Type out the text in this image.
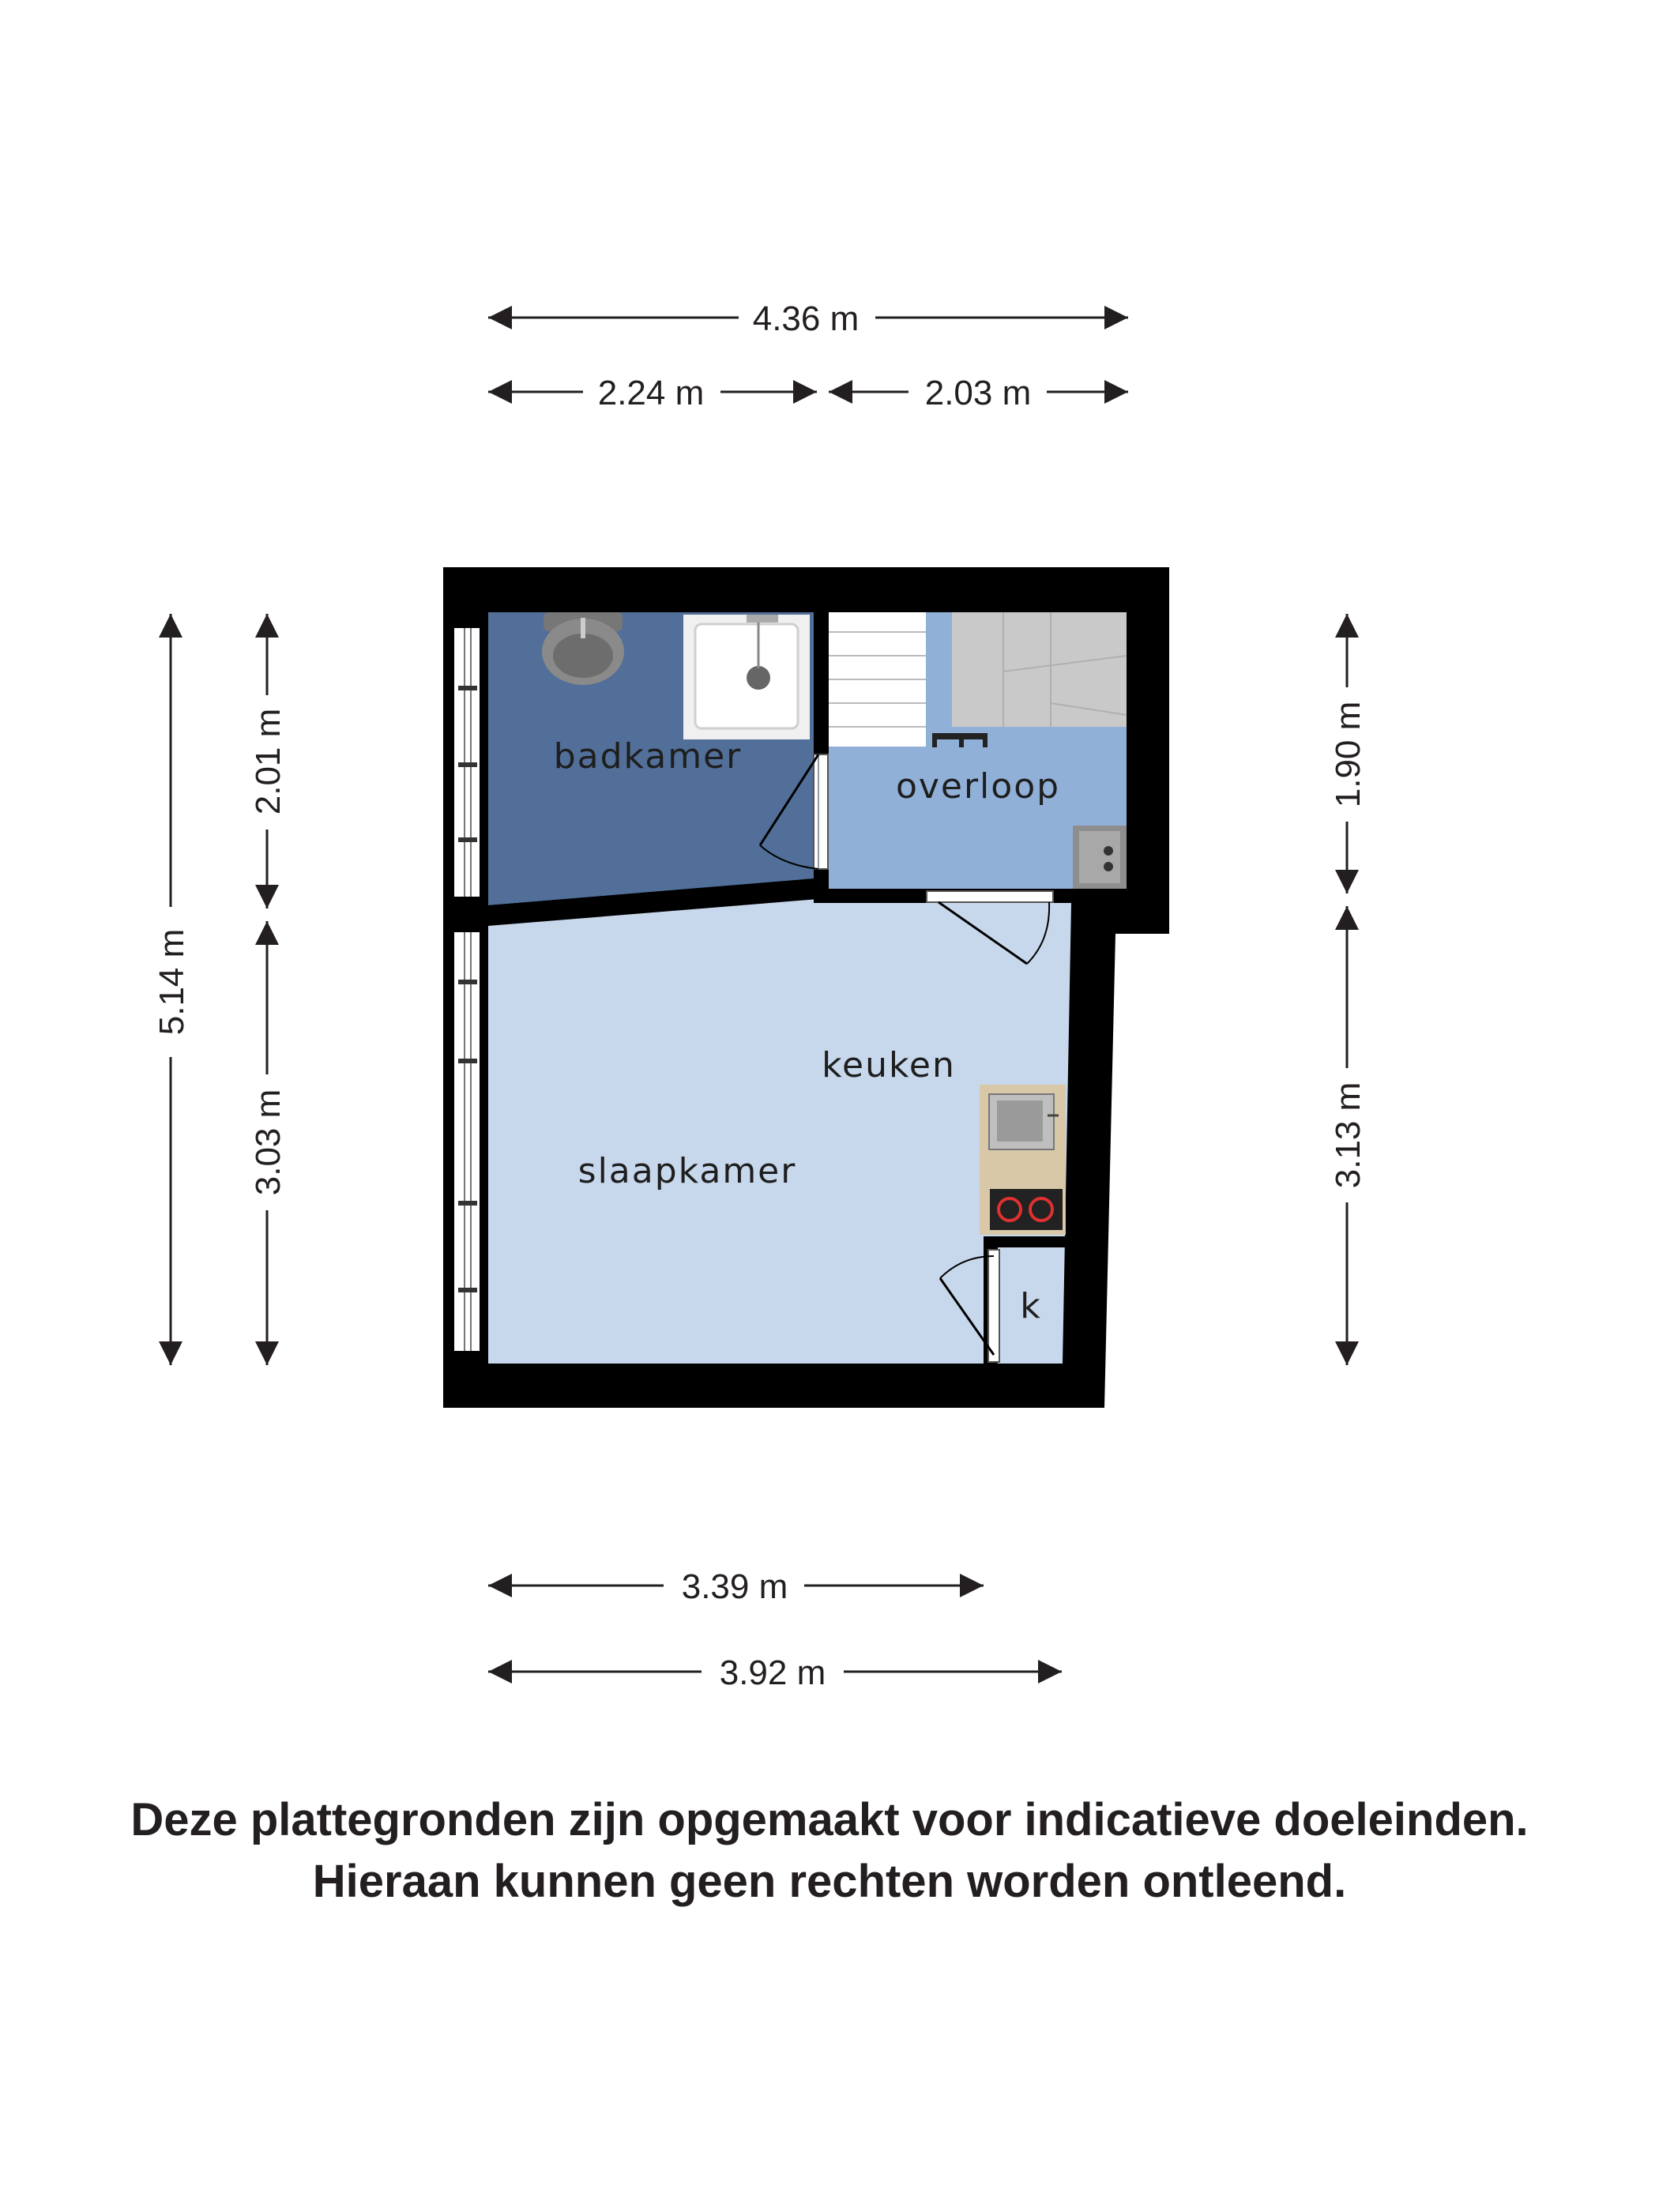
4.36 m
2.24 m	2.03 m
5.14 m
2.01 m
3.03 m
1.90 m
3.13 m
3.39 m
3.92 m
badkamer
overloop
keuken
slaapkamer
k
Deze plattegronden zijn opgemaakt voor indicatieve doeleinden.
Hieraan kunnen geen rechten worden ontleend.
